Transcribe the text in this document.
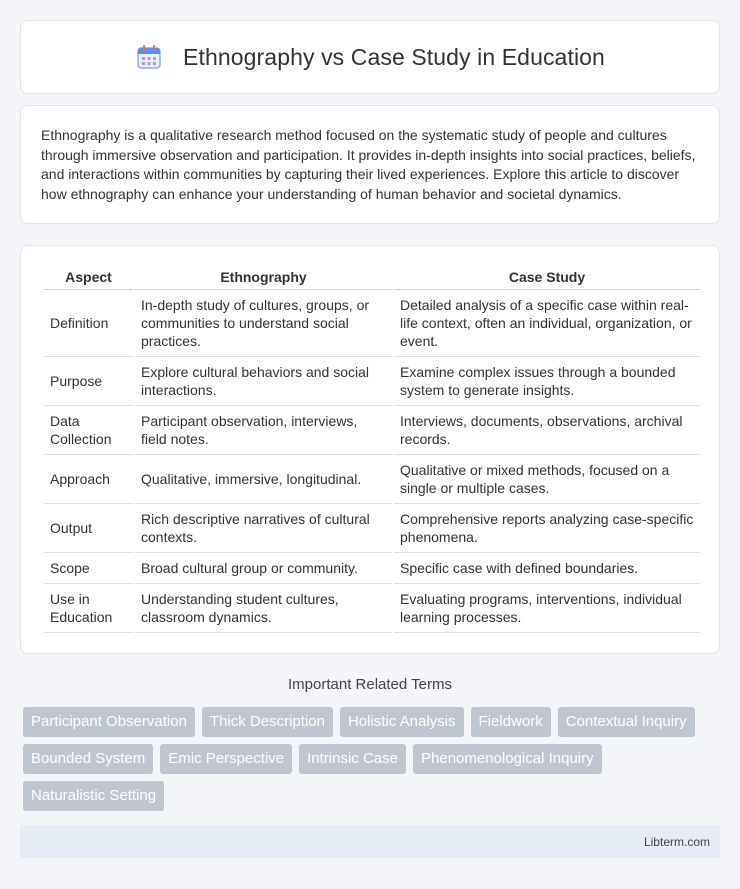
Ethnography vs Case Study in Education

Ethnography is a qualitative research method focused on the systematic study of people and cultures through immersive observation and participation. It provides in-depth insights into social practices, beliefs, and interactions within communities by capturing their lived experiences. Explore this article to discover how ethnography can enhance your understanding of human behavior and societal dynamics.

Aspect	Ethnography	Case Study
Definition	In-depth study of cultures, groups, or communities to understand social practices.	Detailed analysis of a specific case within real-life context, often an individual, organization, or event.
Purpose	Explore cultural behaviors and social interactions.	Examine complex issues through a bounded system to generate insights.
Data Collection	Participant observation, interviews, field notes.	Interviews, documents, observations, archival records.
Approach	Qualitative, immersive, longitudinal.	Qualitative or mixed methods, focused on a single or multiple cases.
Output	Rich descriptive narratives of cultural contexts.	Comprehensive reports analyzing case-specific phenomena.
Scope	Broad cultural group or community.	Specific case with defined boundaries.
Use in Education	Understanding student cultures, classroom dynamics.	Evaluating programs, interventions, individual learning processes.
Important Related Terms
Participant Observation	Thick Description	Holistic Analysis	Fieldwork	Contextual Inquiry
Bounded System	Emic Perspective	Intrinsic Case	Phenomenological Inquiry
Naturalistic Setting
Libterm.com
